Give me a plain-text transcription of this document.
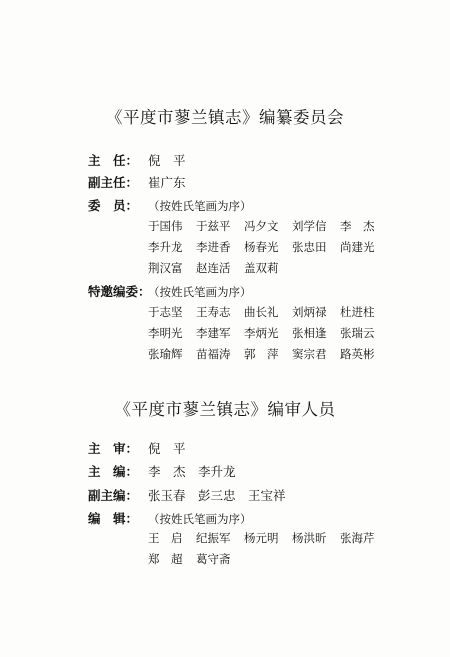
《平度市蓼兰镇志》编纂委员会
主　任： 倪　平
副主任： 崔广东
委　员： （按姓氏笔画为序）
于国伟 于兹平 冯夕文 刘学信 李　杰
李升龙 李进香 杨春光 张忠田 尚建光
荆汉富 赵连活 盖双莉
特邀编委：
（按姓氏笔画为序）
于志坚 王寿志 曲长礼 刘炳禄 杜进柱
李明光 李建军 李炳光 张相逢 张瑞云
张瑜辉 苗福涛 郭　萍 窦宗君 路英彬
《平度市蓼兰镇志》编审人员
主　审： 倪　平
主　编： 李　杰　李升龙
副主编： 张玉春　彭三忠　王宝祥
编　辑： （按姓氏笔画为序）
王　启 纪振军 杨元明 杨洪昕 张海芹
郑　超 葛守斋
